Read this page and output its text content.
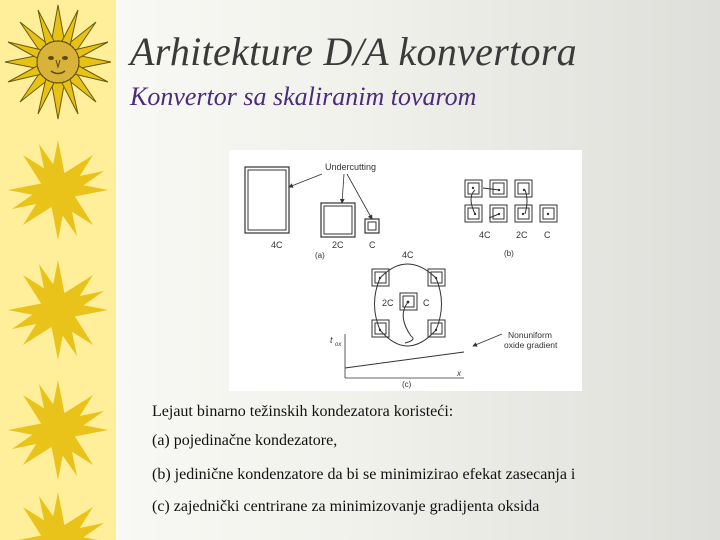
Arhitekture D/A konvertora
Konvertor sa skaliranim tovarom
Undercutting
4C	2C	C
(a)
4C	2C C
(b)
4C
2C	C
Nonuniform
oxide gradient
t ox
x
(c)

Lejaut binarno težinskih kondezatora koristeći:

(a) pojedinačne kondezatore,

(b) jedinične kondenzatore da bi se minimizirao efekat zasecanja i

(c) zajednički centrirane za minimizovanje gradijenta oksida
